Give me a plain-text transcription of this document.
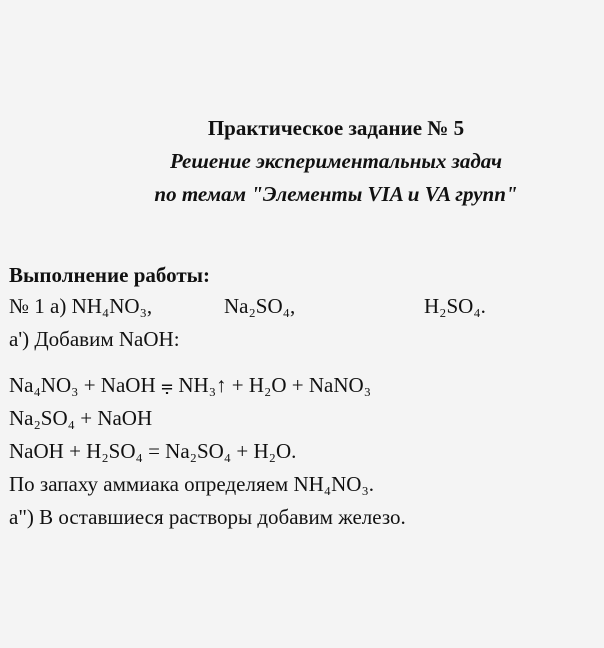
Практическое задание № 5
Решение экспериментальных задач
по темам "Элементы VIA и VA групп"
Выполнение работы:
№ 1 а) NH₄NO₃,	Na₂SO₄,	H₂SO₄.
а') Добавим NaOH:
Na₄NO₃ + NaOH ⩦ NH₃↑ + H₂O + NaNO₃
Na₂SO₄ + NaOH
NaOH + H₂SO₄ = Na₂SO₄ + H₂O.
По запаху аммиака определяем NH₄NO₃.
а") В оставшиеся растворы добавим железо.
